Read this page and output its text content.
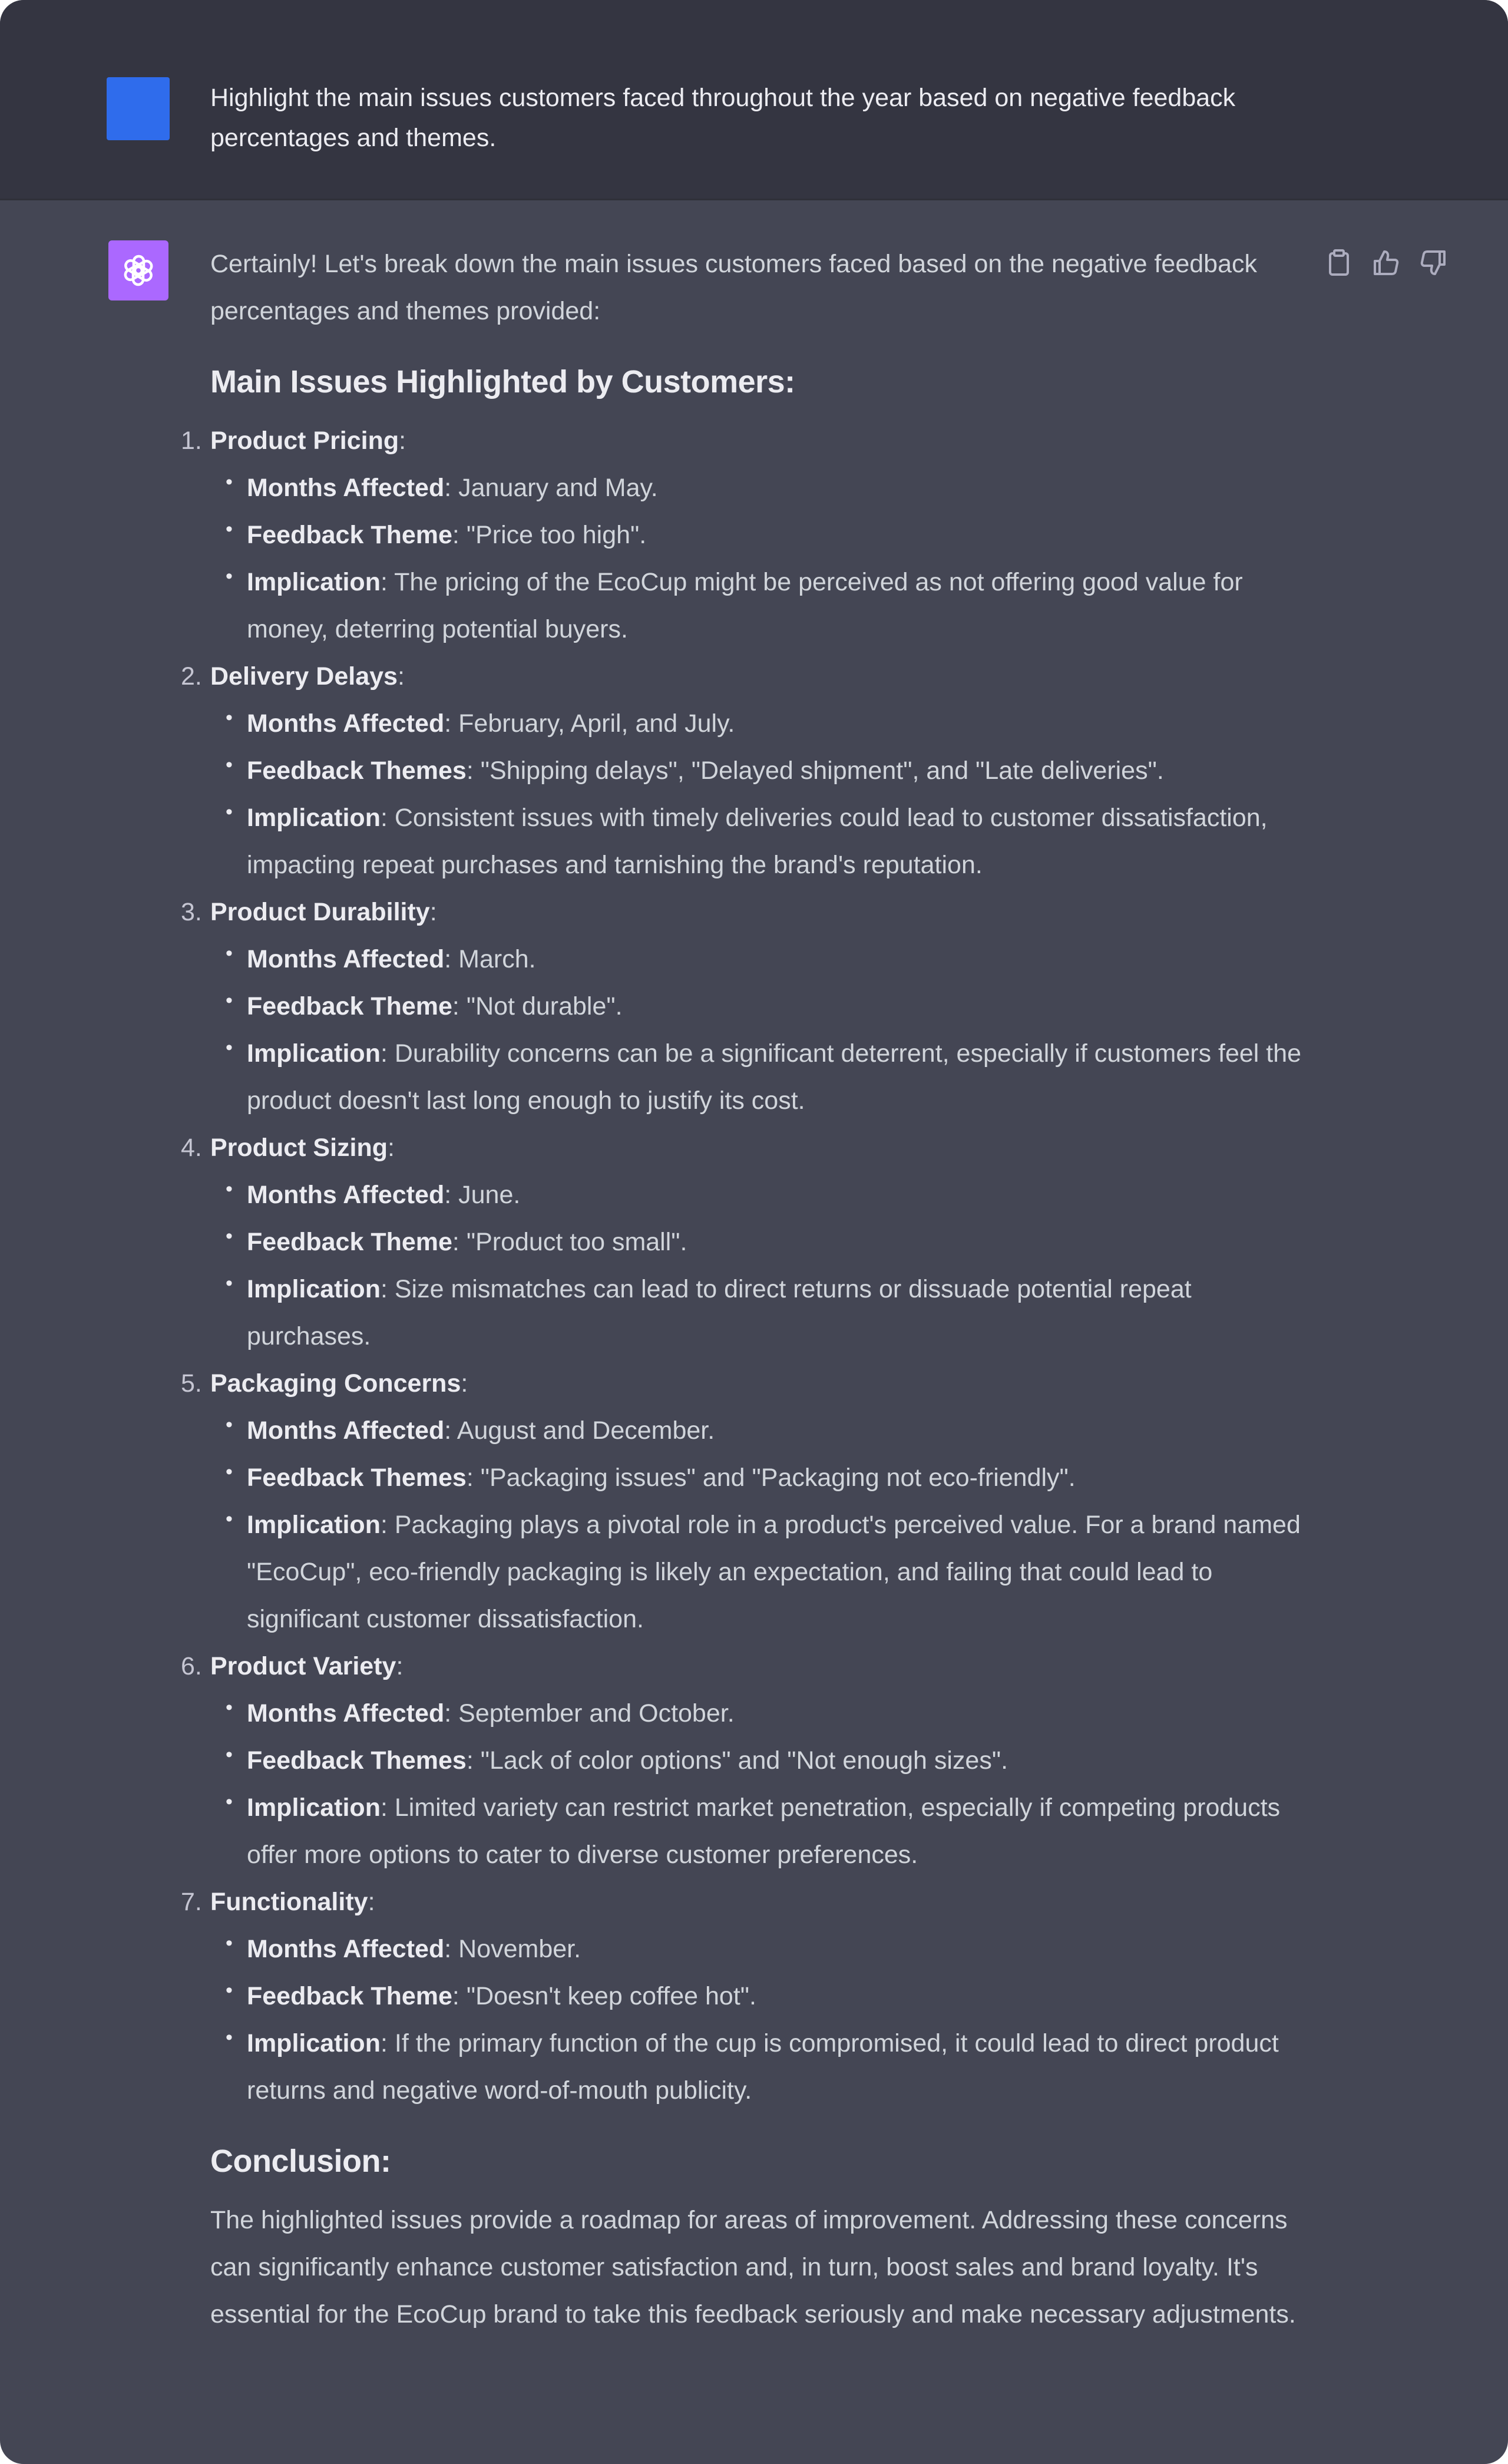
Highlight the main issues customers faced throughout the year based on negative feedback percentages and themes.

Certainly! Let's break down the main issues customers faced based on the negative feedback percentages and themes provided:

Main Issues Highlighted by Customers:
1. Product Pricing:
• Months Affected: January and May.
• Feedback Theme: "Price too high".
• Implication: The pricing of the EcoCup might be perceived as not offering good value for money, deterring potential buyers.
2. Delivery Delays:
• Months Affected: February, April, and July.
• Feedback Themes: "Shipping delays", "Delayed shipment", and "Late deliveries".
• Implication: Consistent issues with timely deliveries could lead to customer dissatisfaction, impacting repeat purchases and tarnishing the brand's reputation.
3. Product Durability:
• Months Affected: March.
• Feedback Theme: "Not durable".
• Implication: Durability concerns can be a significant deterrent, especially if customers feel the product doesn't last long enough to justify its cost.
4. Product Sizing:
• Months Affected: June.
• Feedback Theme: "Product too small".
• Implication: Size mismatches can lead to direct returns or dissuade potential repeat purchases.
5. Packaging Concerns:
• Months Affected: August and December.
• Feedback Themes: "Packaging issues" and "Packaging not eco-friendly".
• Implication: Packaging plays a pivotal role in a product's perceived value. For a brand named "EcoCup", eco-friendly packaging is likely an expectation, and failing that could lead to significant customer dissatisfaction.
6. Product Variety:
• Months Affected: September and October.
• Feedback Themes: "Lack of color options" and "Not enough sizes".
• Implication: Limited variety can restrict market penetration, especially if competing products offer more options to cater to diverse customer preferences.
7. Functionality:
• Months Affected: November.
• Feedback Theme: "Doesn't keep coffee hot".
• Implication: If the primary function of the cup is compromised, it could lead to direct product returns and negative word-of-mouth publicity.
Conclusion:

The highlighted issues provide a roadmap for areas of improvement. Addressing these concerns can significantly enhance customer satisfaction and, in turn, boost sales and brand loyalty. It's essential for the EcoCup brand to take this feedback seriously and make necessary adjustments.
